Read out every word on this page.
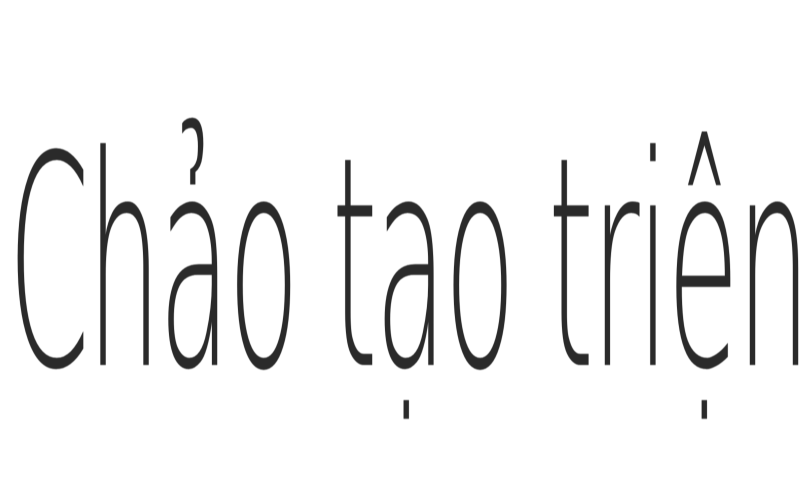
Chảo tạo triện
